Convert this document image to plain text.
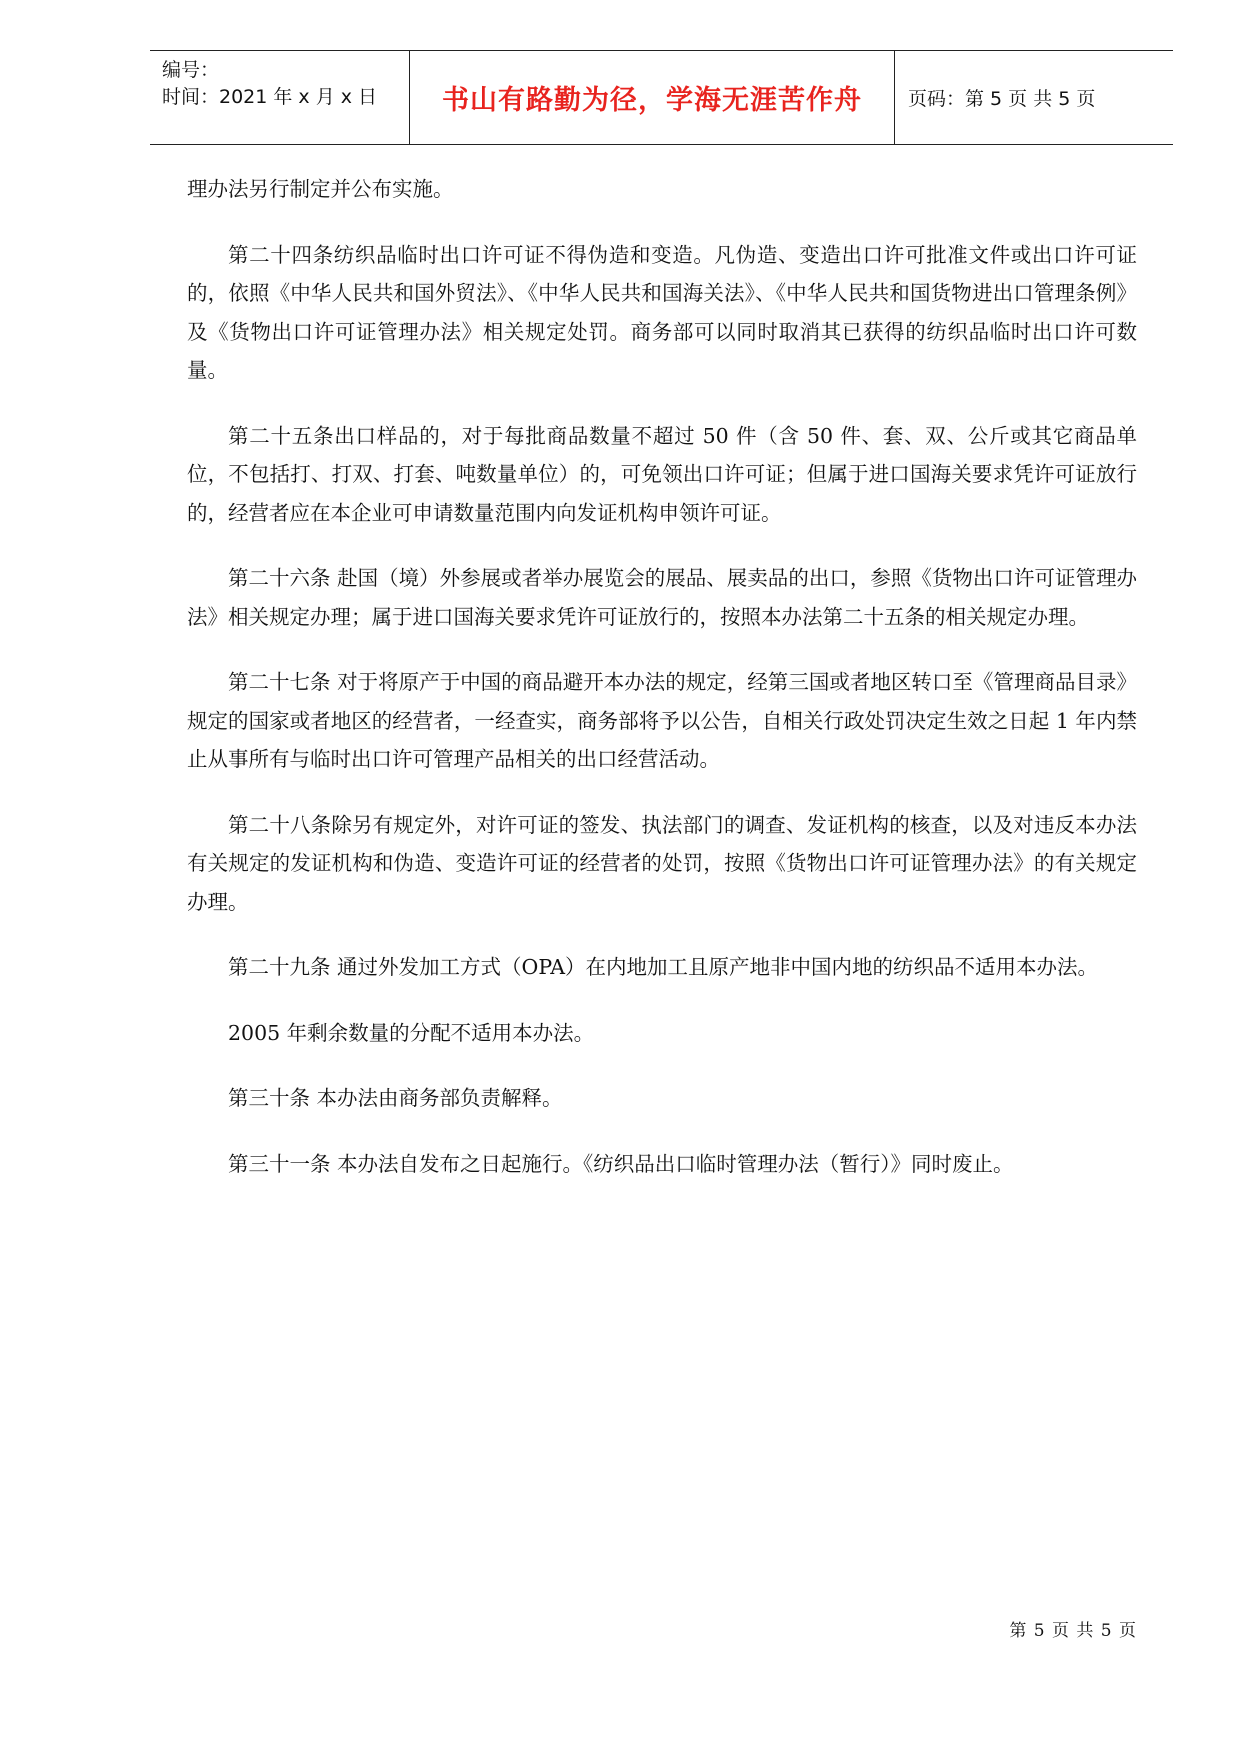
编号：
时间：2021 年 x 月 x 日	书山有路勤为径，学海无涯苦作舟	页码：第 5 页 共 5 页

理办法另行制定并公布实施。

第二十四条纺织品临时出口许可证不得伪造和变造。凡伪造、变造出口许可批准文件或出口许可证的，依照《中华人民共和国外贸法》、《中华人民共和国海关法》、《中华人民共和国货物进出口管理条例》及《货物出口许可证管理办法》相关规定处罚。商务部可以同时取消其已获得的纺织品临时出口许可数量。

第二十五条出口样品的，对于每批商品数量不超过 50 件（含 50 件、套、双、公斤或其它商品单位，不包括打、打双、打套、吨数量单位）的，可免领出口许可证；但属于进口国海关要求凭许可证放行的，经营者应在本企业可申请数量范围内向发证机构申领许可证。

第二十六条 赴国（境）外参展或者举办展览会的展品、展卖品的出口，参照《货物出口许可证管理办法》相关规定办理；属于进口国海关要求凭许可证放行的，按照本办法第二十五条的相关规定办理。

第二十七条 对于将原产于中国的商品避开本办法的规定，经第三国或者地区转口至《管理商品目录》规定的国家或者地区的经营者，一经查实，商务部将予以公告，自相关行政处罚决定生效之日起 1 年内禁止从事所有与临时出口许可管理产品相关的出口经营活动。

第二十八条除另有规定外，对许可证的签发、执法部门的调查、发证机构的核查，以及对违反本办法有关规定的发证机构和伪造、变造许可证的经营者的处罚，按照《货物出口许可证管理办法》的有关规定办理。

第二十九条 通过外发加工方式（OPA）在内地加工且原产地非中国内地的纺织品不适用本办法。

2005 年剩余数量的分配不适用本办法。

第三十条 本办法由商务部负责解释。

第三十一条 本办法自发布之日起施行。《纺织品出口临时管理办法（暂行）》同时废止。

第 5 页 共 5 页
